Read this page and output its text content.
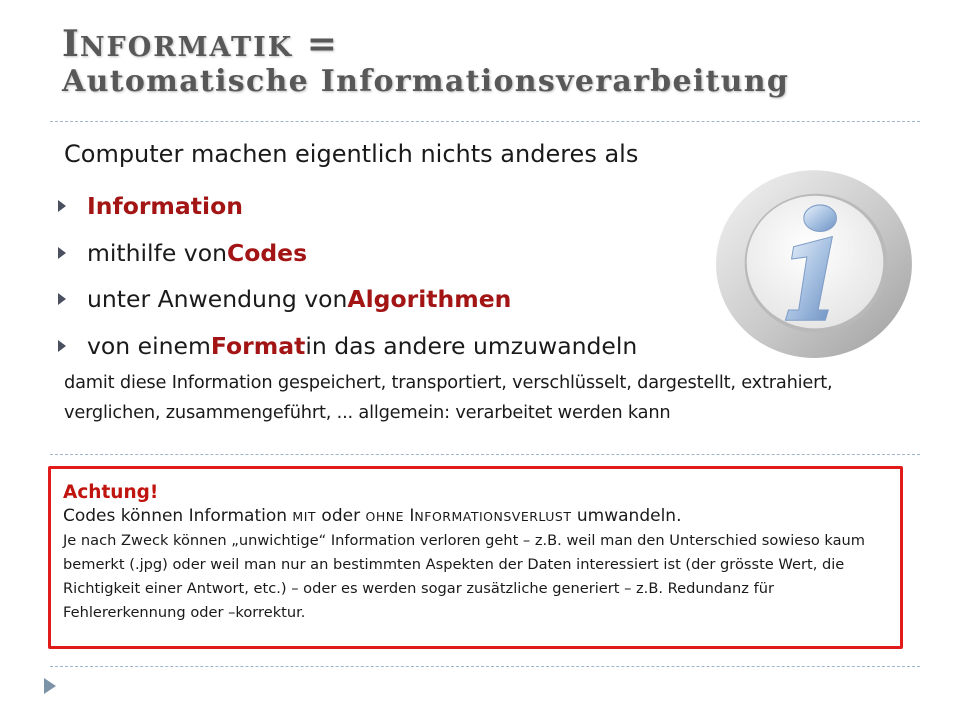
INFORMATIK =
Automatische Informationsverarbeitung
Computer machen eigentlich nichts anderes als
Information
mithilfe von Codes
unter Anwendung von Algorithmen
von einem Format in das andere umzuwandeln
damit diese Information gespeichert, transportiert, verschlüsselt, dargestellt, extrahiert, verglichen, zusammengeführt, ... allgemein: verarbeitet werden kann
Achtung!
Codes können Information MIT oder OHNE INFORMATIONSVERLUST umwandeln.
Je nach Zweck können „unwichtige“ Information verloren geht – z.B. weil man den Unterschied sowieso kaum bemerkt (.jpg) oder weil man nur an bestimmten Aspekten der Daten interessiert ist (der grösste Wert, die Richtigkeit einer Antwort, etc.) – oder es werden sogar zusätzliche generiert – z.B. Redundanz für Fehlererkennung oder –korrektur.
